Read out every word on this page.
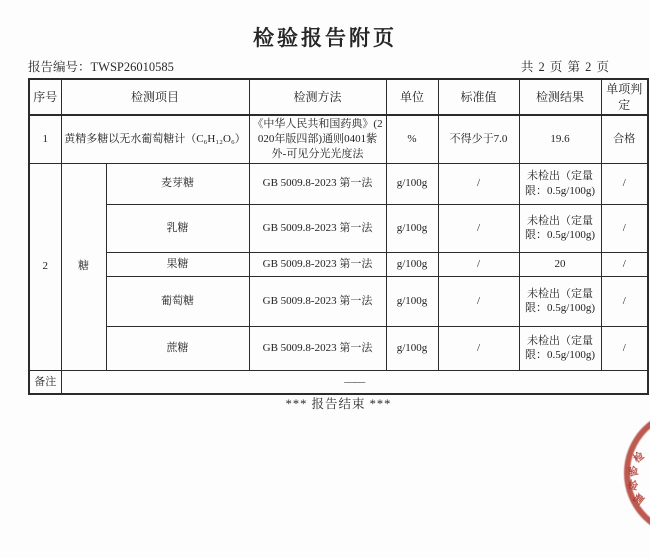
检验报告附页
报告编号：TWSP26010585	共 2 页 第 2 页
序号	检测项目		检测方法	单位	标准值	检测结果	单项判定
1	黄精多糖以无水葡萄糖计（C₆H₁₂O₆）		《中华人民共和国药典》(2020年版四部)通则0401紫外-可见分光光度法	%	不得少于7.0	19.6	合格
2	糖	麦芽糖	GB 5009.8-2023 第一法	g/100g	/	未检出（定量限：0.5g/100g)	/
		乳糖	GB 5009.8-2023 第一法	g/100g	/	未检出（定量限：0.5g/100g)	/
		果糖	GB 5009.8-2023 第一法	g/100g	/	20	/
		葡萄糖	GB 5009.8-2023 第一法	g/100g	/	未检出（定量限：0.5g/100g)	/
		蔗糖	GB 5009.8-2023 第一法	g/100g	/	未检出（定量限：0.5g/100g)	/
备注	——						
*** 报告结束 ***
检
验
检
测
